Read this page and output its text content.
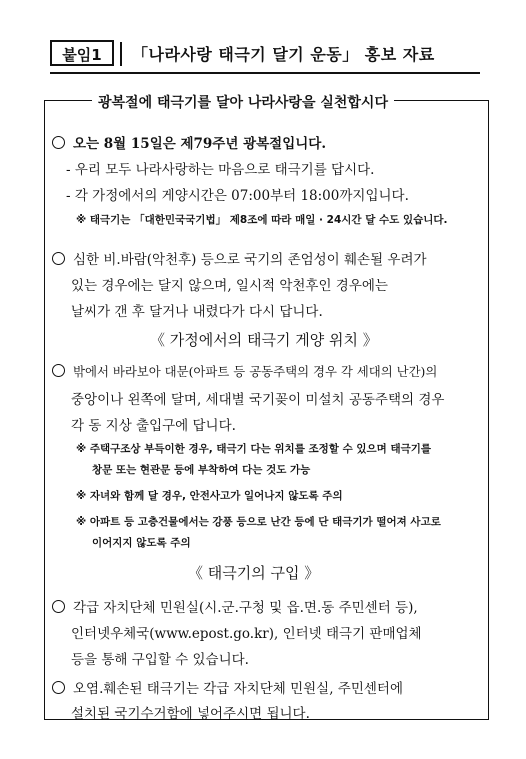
붙임1	「나라사랑 태극기 달기 운동」 홍보 자료
광복절에 태극기를 달아 나라사랑을 실천합시다
오는 8월 15일은 제79주년 광복절입니다.
- 우리 모두 나라사랑하는 마음으로 태극기를 답시다.
- 각 가정에서의 게양시간은 07:00부터 18:00까지입니다.
※ 태극기는 「대한민국국기법」 제8조에 따라 매일 · 24시간 달 수도 있습니다.
심한 비.바람(악천후) 등으로 국기의 존엄성이 훼손될 우려가
있는 경우에는 달지 않으며, 일시적 악천후인 경우에는
날씨가 갠 후 달거나 내렸다가 다시 답니다.
《 가정에서의 태극기 게양 위치 》
밖에서 바라보아 대문(아파트 등 공동주택의 경우 각 세대의 난간)의
중앙이나 왼쪽에 달며, 세대별 국기꽂이 미설치 공동주택의 경우
각 동 지상 출입구에 답니다.
※ 주택구조상 부득이한 경우, 태극기 다는 위치를 조정할 수 있으며 태극기를
창문 또는 현관문 등에 부착하여 다는 것도 가능
※ 자녀와 함께 달 경우, 안전사고가 일어나지 않도록 주의
※ 아파트 등 고층건물에서는 강풍 등으로 난간 등에 단 태극기가 떨어져 사고로
이어지지 않도록 주의
《 태극기의 구입 》
각급 자치단체 민원실(시.군.구청 및 읍.면.동 주민센터 등),
인터넷우체국(www.epost.go.kr), 인터넷 태극기 판매업체
등을 통해 구입할 수 있습니다.
오염.훼손된 태극기는 각급 자치단체 민원실, 주민센터에
설치된 국기수거함에 넣어주시면 됩니다.
